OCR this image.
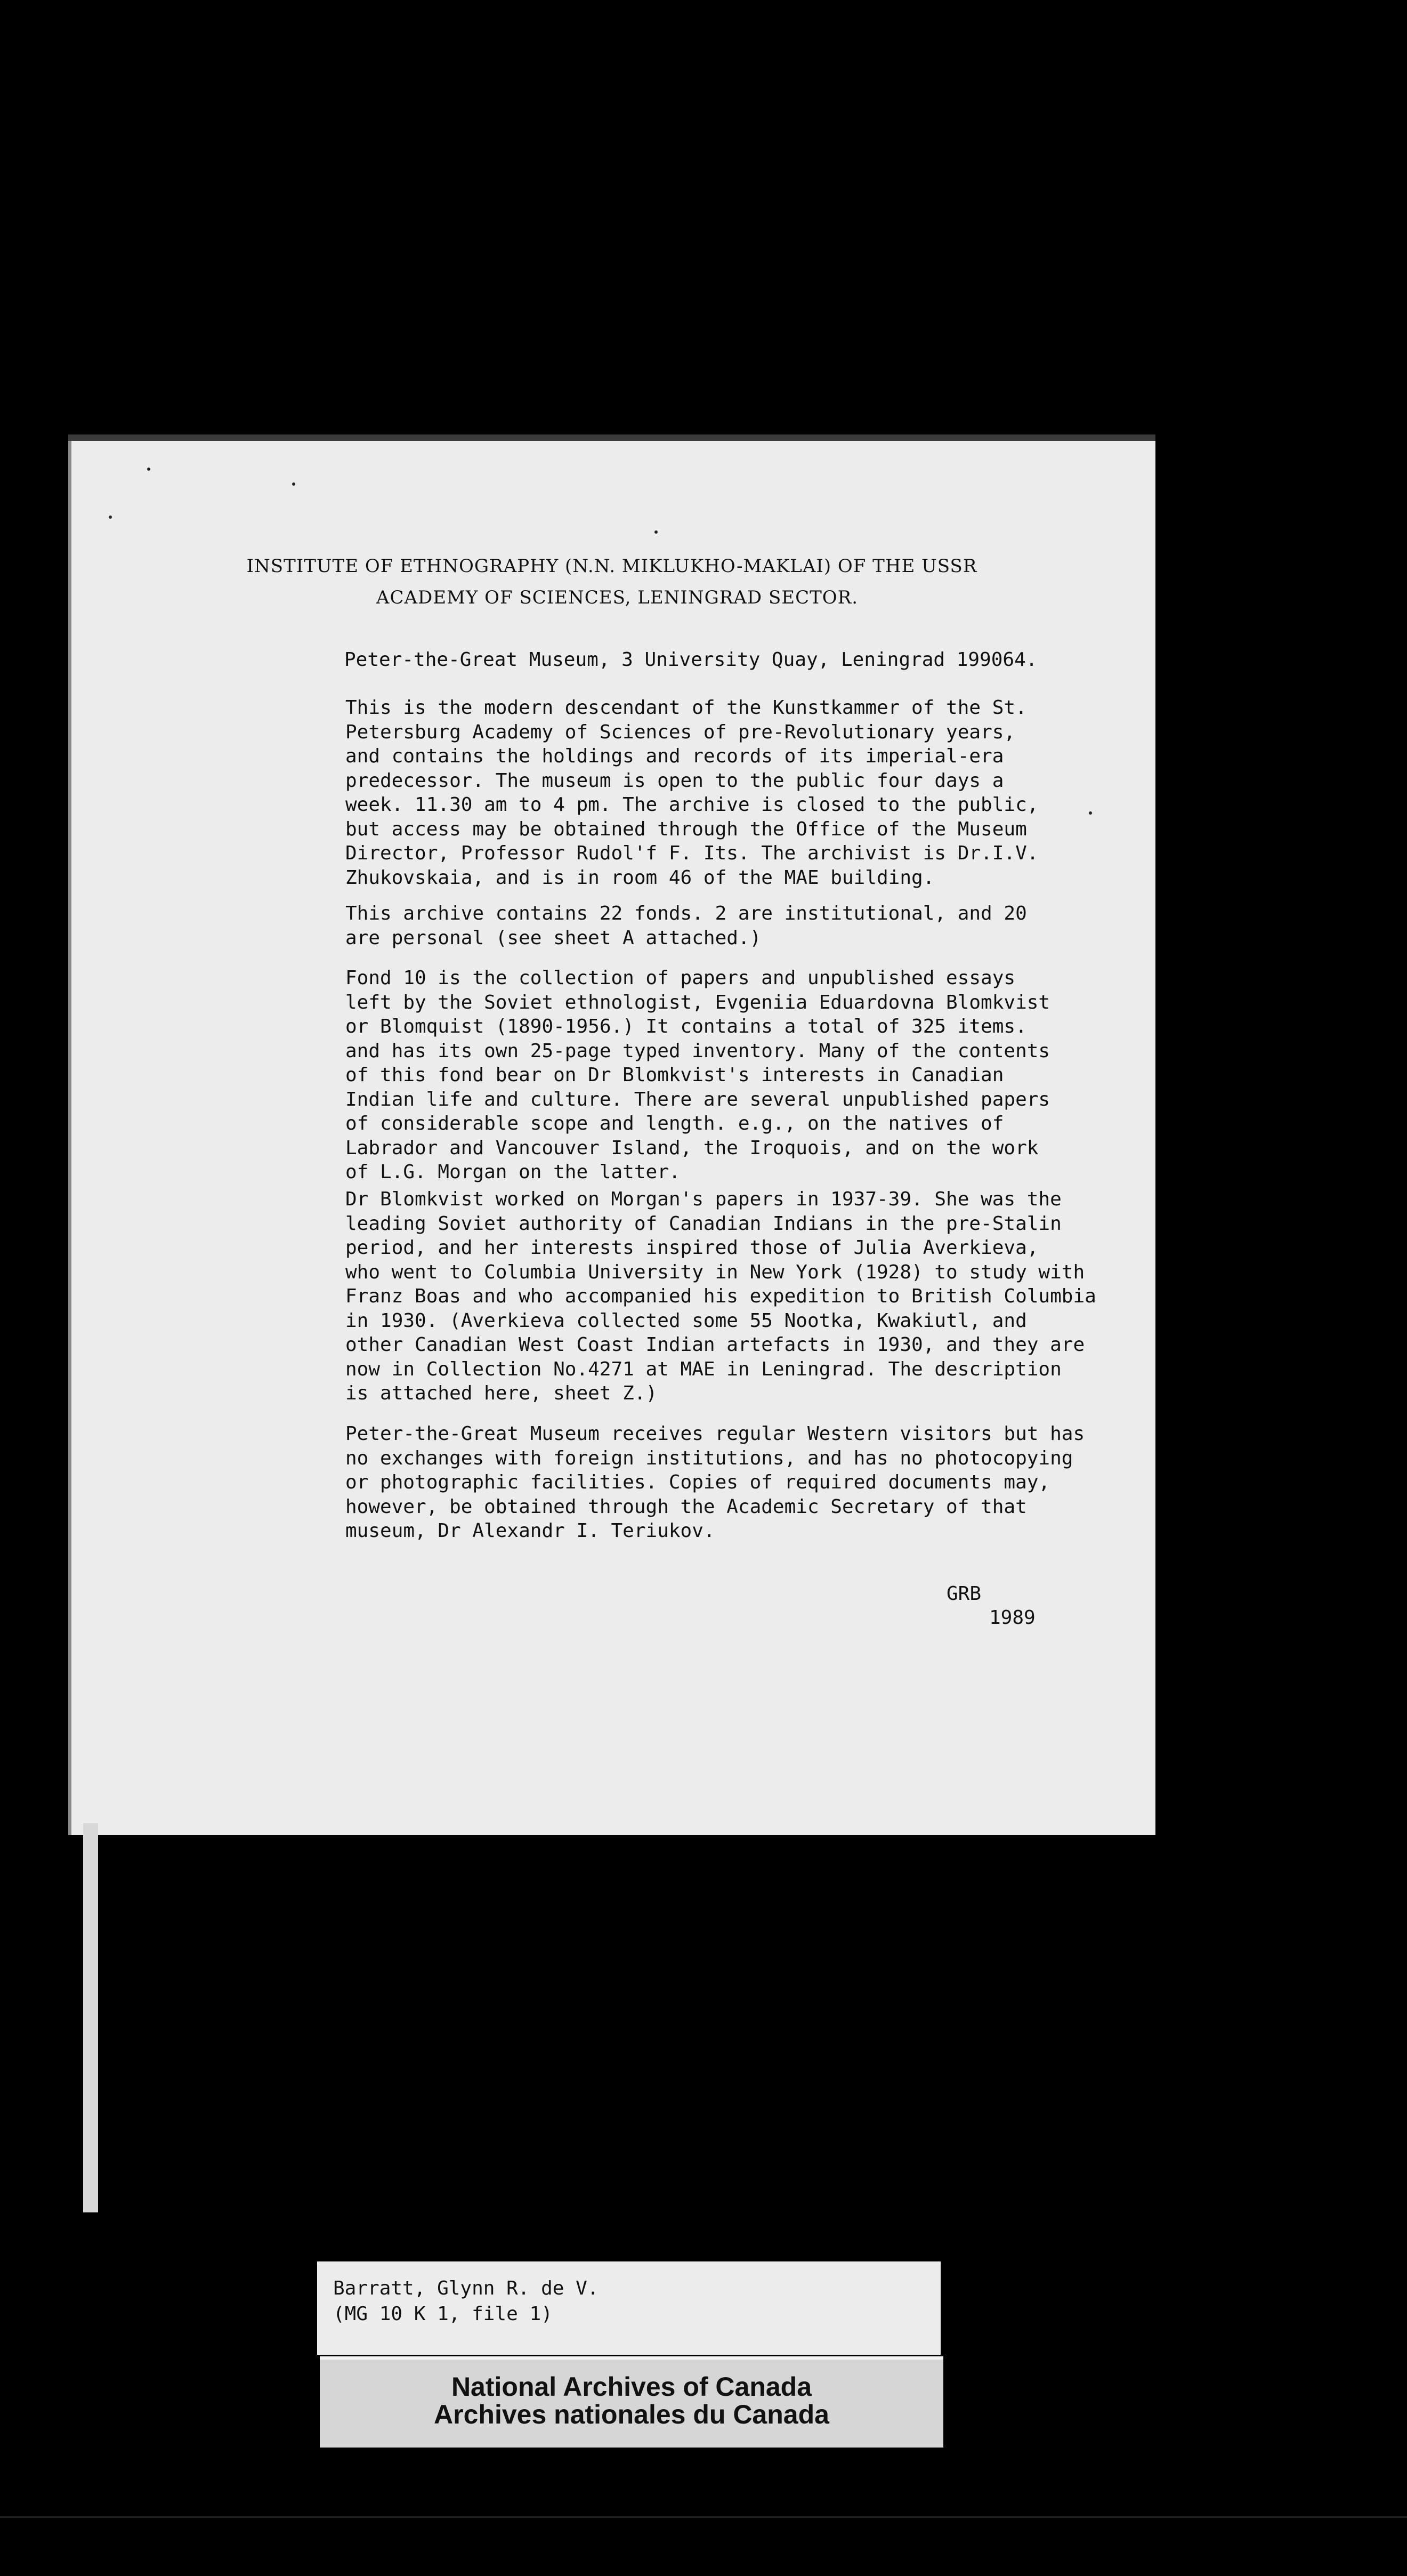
INSTITUTE OF ETHNOGRAPHY (N.N. MIKLUKHO-MAKLAI) OF THE USSR
ACADEMY OF SCIENCES, LENINGRAD SECTOR.
Peter-the-Great Museum, 3 University Quay, Leningrad 199064.
This is the modern descendant of the Kunstkammer of the St.
Petersburg Academy of Sciences of pre-Revolutionary years,
and contains the holdings and records of its imperial-era
predecessor. The museum is open to the public four days a
week. 11.30 am to 4 pm. The archive is closed to the public,
but access may be obtained through the Office of the Museum
Director, Professor Rudol'f F. Its. The archivist is Dr.I.V.
Zhukovskaia, and is in room 46 of the MAE building.
This archive contains 22 fonds. 2 are institutional, and 20
are personal (see sheet A attached.)
Fond 10 is the collection of papers and unpublished essays
left by the Soviet ethnologist, Evgeniia Eduardovna Blomkvist
or Blomquist (1890-1956.) It contains a total of 325 items.
and has its own 25-page typed inventory. Many of the contents
of this fond bear on Dr Blomkvist's interests in Canadian
Indian life and culture. There are several unpublished papers
of considerable scope and length. e.g., on the natives of
Labrador and Vancouver Island, the Iroquois, and on the work
of L.G. Morgan on the latter.
Dr Blomkvist worked on Morgan's papers in 1937-39. She was the
leading Soviet authority of Canadian Indians in the pre-Stalin
period, and her interests inspired those of Julia Averkieva,
who went to Columbia University in New York (1928) to study with
Franz Boas and who accompanied his expedition to British Columbia
in 1930. (Averkieva collected some 55 Nootka, Kwakiutl, and
other Canadian West Coast Indian artefacts in 1930, and they are
now in Collection No.4271 at MAE in Leningrad. The description
is attached here, sheet Z.)
Peter-the-Great Museum receives regular Western visitors but has
no exchanges with foreign institutions, and has no photocopying
or photographic facilities. Copies of required documents may,
however, be obtained through the Academic Secretary of that
museum, Dr Alexandr I. Teriukov.
GRB
1989
Barratt, Glynn R. de V.
(MG 10 K 1, file 1)
National Archives of Canada
Archives nationales du Canada
